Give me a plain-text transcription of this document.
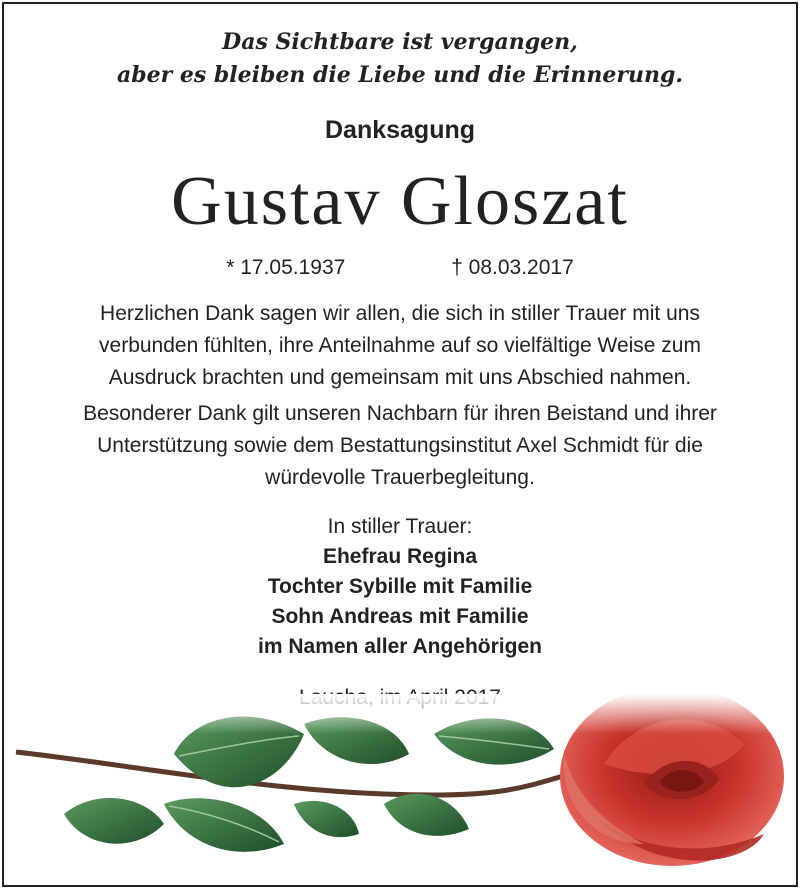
Das Sichtbare ist vergangen,
aber es bleiben die Liebe und die Erinnerung.
Danksagung
Gustav Gloszat
* 17.05.1937	† 08.03.2017
Herzlichen Dank sagen wir allen, die sich in stiller Trauer mit uns
verbunden fühlten, ihre Anteilnahme auf so vielfältige Weise zum
Ausdruck brachten und gemeinsam mit uns Abschied nahmen.
Besonderer Dank gilt unseren Nachbarn für ihren Beistand und ihrer
Unterstützung sowie dem Bestattungsinstitut Axel Schmidt für die
würdevolle Trauerbegleitung.
In stiller Trauer:
Ehefrau Regina
Tochter Sybille mit Familie
Sohn Andreas mit Familie
im Namen aller Angehörigen
